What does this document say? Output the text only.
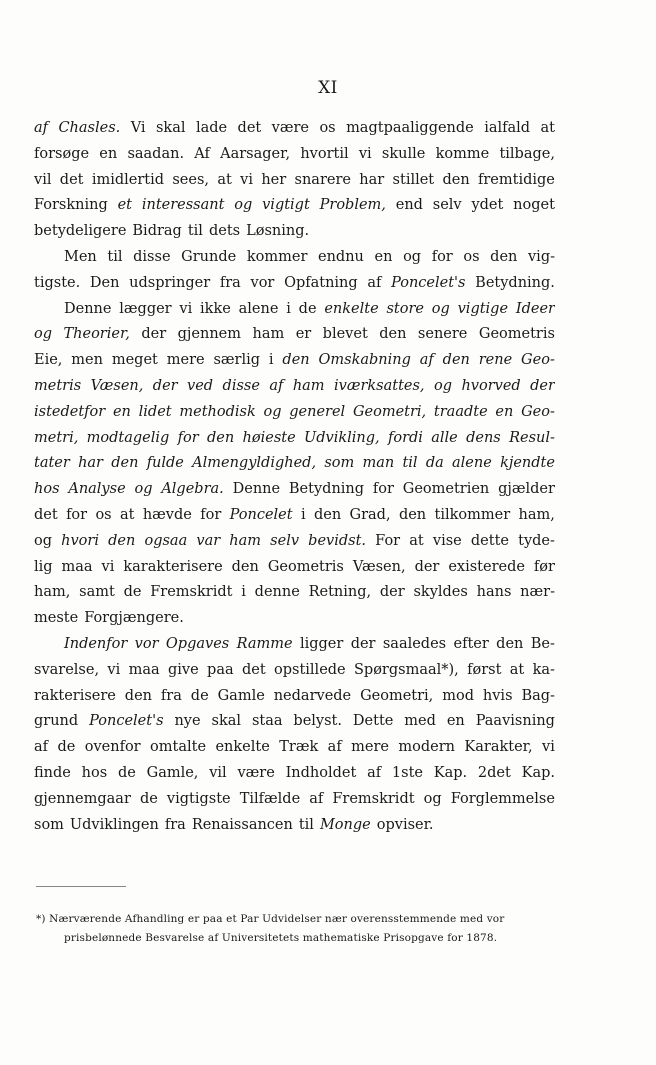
XI
af Chasles. Vi skal lade det være os magtpaaliggende ialfald at
forsøge en saadan. Af Aarsager, hvortil vi skulle komme tilbage,
vil det imidlertid sees, at vi her snarere har stillet den fremtidige
Forskning et interessant og vigtigt Problem, end selv ydet noget
betydeligere Bidrag til dets Løsning.
Men til disse Grunde kommer endnu en og for os den vig-
tigste. Den udspringer fra vor Opfatning af Poncelet's Betydning.
Denne lægger vi ikke alene i de enkelte store og vigtige Ideer
og Theorier, der gjennem ham er blevet den senere Geometris
Eie, men meget mere særlig i den Omskabning af den rene Geo-
metris Væsen, der ved disse af ham iværksattes, og hvorved der
istedetfor en lidet methodisk og generel Geometri, traadte en Geo-
metri, modtagelig for den høieste Udvikling, fordi alle dens Resul-
tater har den fulde Almengyldighed, som man til da alene kjendte
hos Analyse og Algebra. Denne Betydning for Geometrien gjælder
det for os at hævde for Poncelet i den Grad, den tilkommer ham,
og hvori den ogsaa var ham selv bevidst. For at vise dette tyde-
lig maa vi karakterisere den Geometris Væsen, der existerede før
ham, samt de Fremskridt i denne Retning, der skyldes hans nær-
meste Forgjængere.
Indenfor vor Opgaves Ramme ligger der saaledes efter den Be-
svarelse, vi maa give paa det opstillede Spørgsmaal*), først at ka-
rakterisere den fra de Gamle nedarvede Geometri, mod hvis Bag-
grund Poncelet's nye skal staa belyst. Dette med en Paavisning
af de ovenfor omtalte enkelte Træk af mere modern Karakter, vi
finde hos de Gamle, vil være Indholdet af 1ste Kap. 2det Kap.
gjennemgaar de vigtigste Tilfælde af Fremskridt og Forglemmelse
som Udviklingen fra Renaissancen til Monge opviser.
*) Nærværende Afhandling er paa et Par Udvidelser nær overensstemmende med vor
prisbelønnede Besvarelse af Universitetets mathematiske Prisopgave for 1878.
